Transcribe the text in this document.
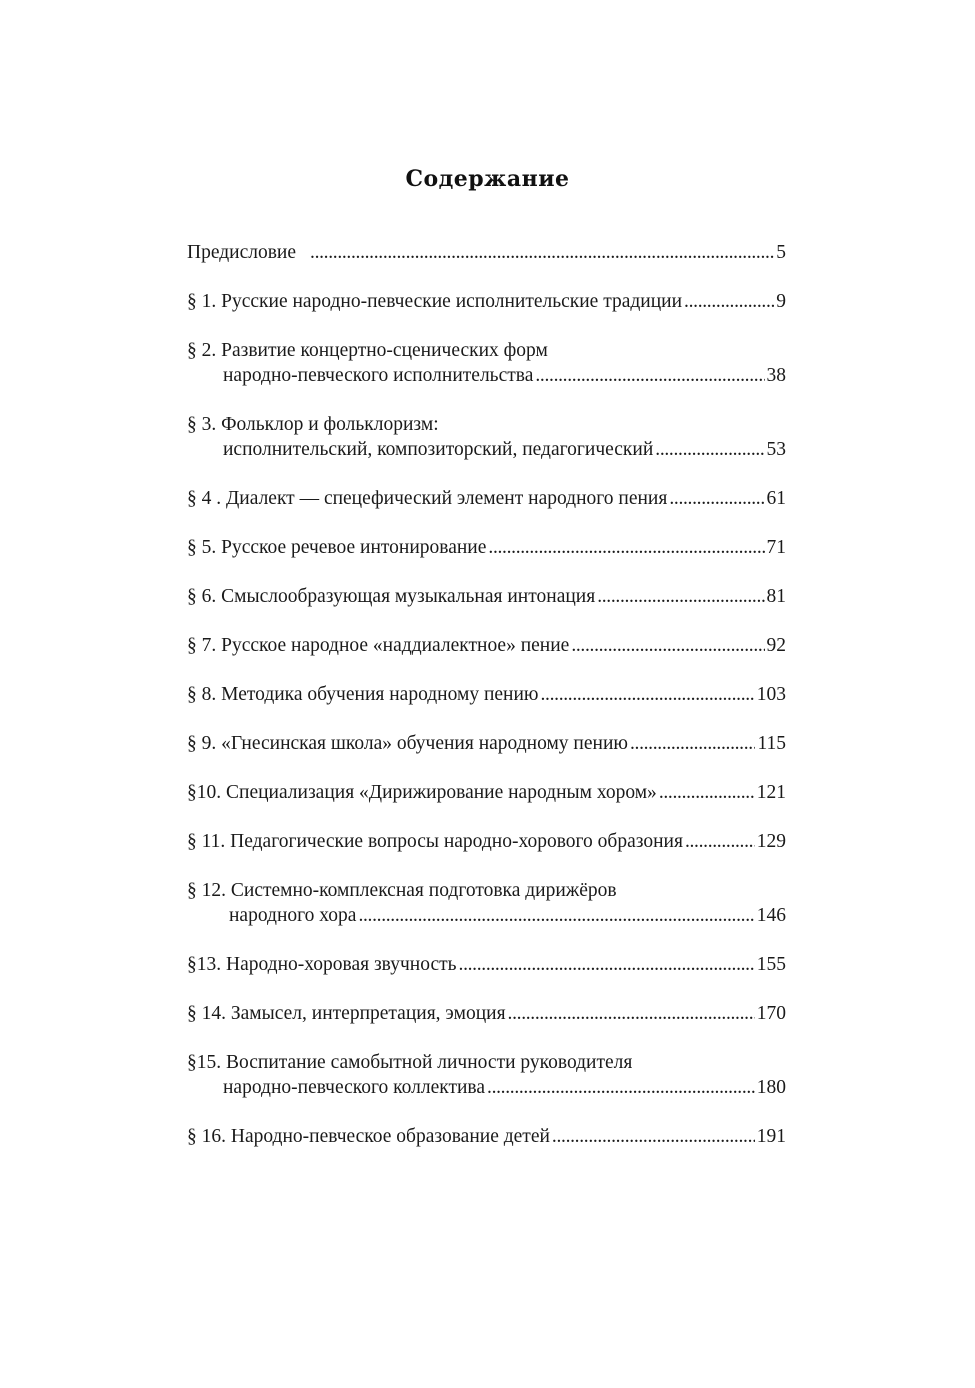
Содержание
Предисловие . . .	5
§ 1. Русские народно-певческие исполнительские традиции . . .	9
§ 2. Развитие концертно-сценических форм
народно-певческого исполнительства . . .	38
§ 3. Фольклор и фольклоризм:
исполнительский, композиторский, педагогический . . .	53
§ 4 . Диалект — спецефический элемент народного пения . . .	61
§ 5. Русское речевое интонирование . . .	71
§ 6. Смыслообразующая музыкальная интонация . . .	81
§ 7. Русское народное «наддиалектное» пение . . .	92
§ 8. Методика обучения народному пению . . .	103
§ 9. «Гнесинская школа» обучения народному пению . . .	115
§10. Специализация «Дирижирование народным хором» . . .	121
§ 11. Педагогические вопросы народно-хорового образония . . .	129
§ 12. Системно-комплексная подготовка дирижёров
народного хора . . .	146
§13. Народно-хоровая звучность . . .	155
§ 14. Замысел, интерпретация, эмоция . . .	170
§15. Воспитание самобытной личности руководителя
народно-певческого коллектива . . .	180
§ 16. Народно-певческое образование детей . . .	191
